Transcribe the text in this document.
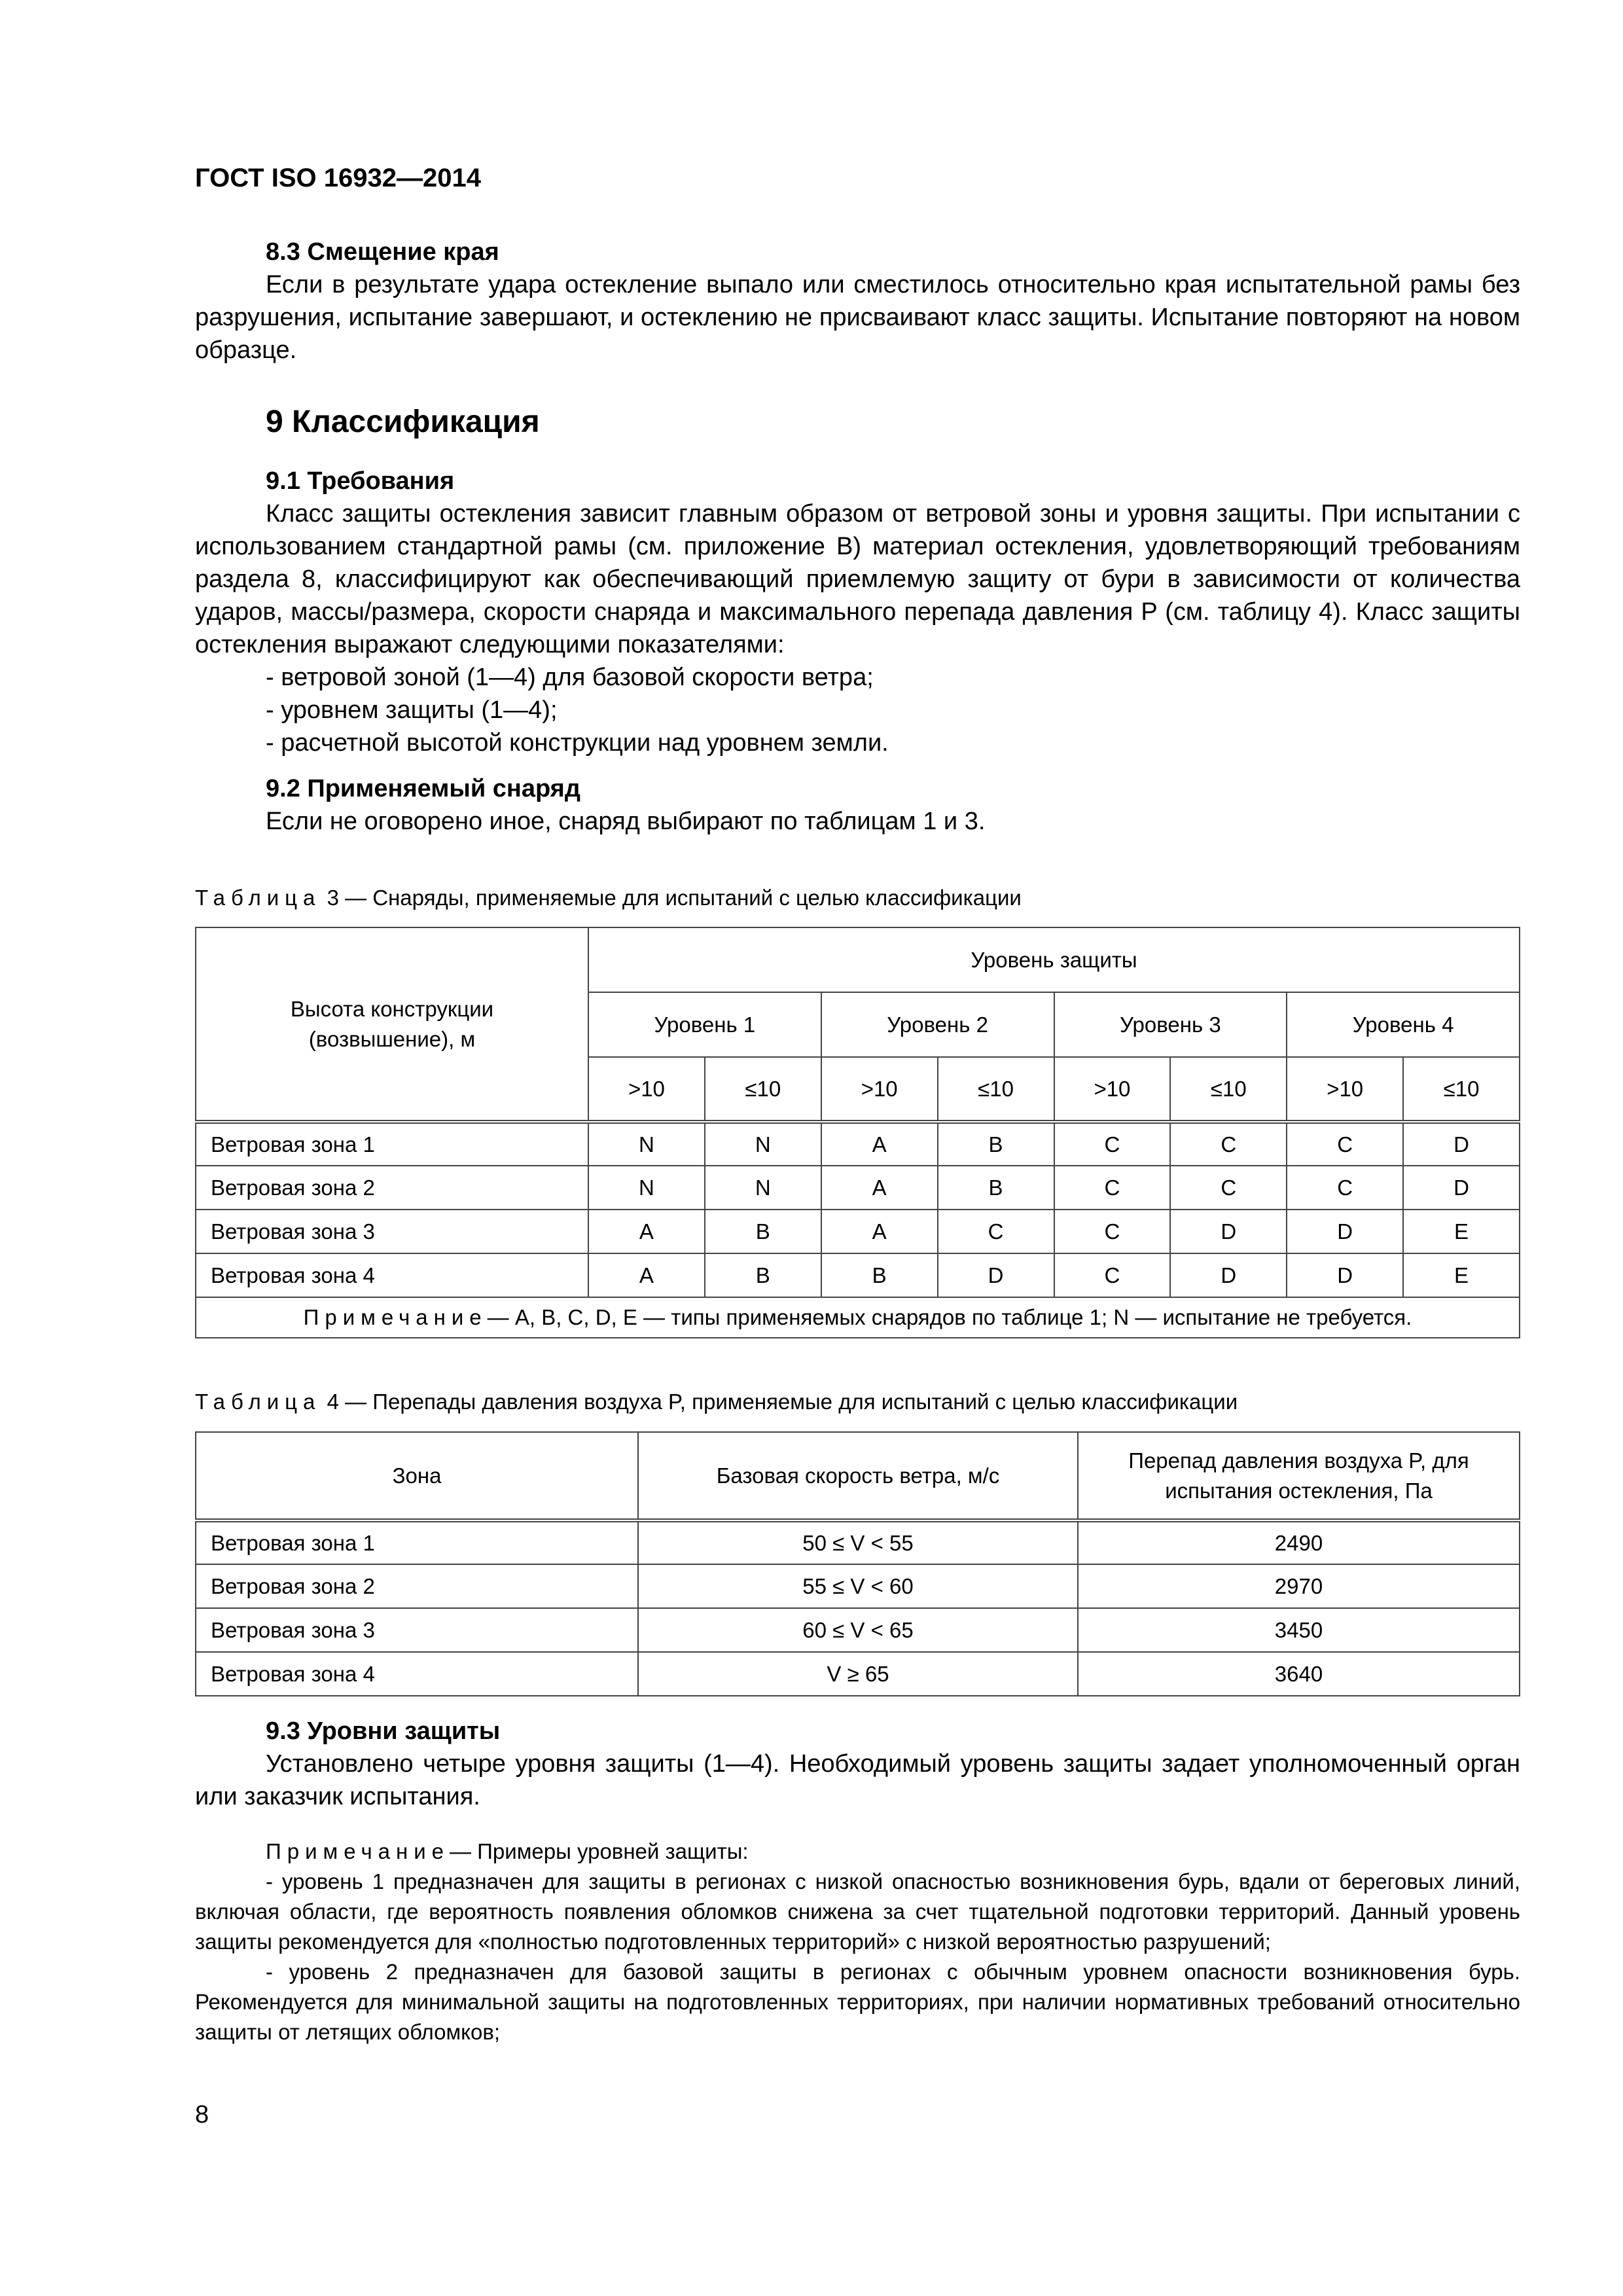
ГОСТ ISO 16932—2014
8.3 Смещение края

Если в результате удара остекление выпало или сместилось относительно края испытательной рамы без разрушения, испытание завершают, и остеклению не присваивают класс защиты. Испытание повторяют на новом образце.

9 Классификация
9.1 Требования

Класс защиты остекления зависит главным образом от ветровой зоны и уровня защиты. При испытании с использованием стандартной рамы (см. приложение В) материал остекления, удовлетворяющий требованиям раздела 8, классифицируют как обеспечивающий приемлемую защиту от бури в зависимости от количества ударов, массы/размера, скорости снаряда и максимального перепада давления P (см. таблицу 4). Класс защиты остекления выражают следующими показателями:

- ветровой зоной (1—4) для базовой скорости ветра;
- уровнем защиты (1—4);
- расчетной высотой конструкции над уровнем земли.
9.2 Применяемый снаряд

Если не оговорено иное, снаряд выбирают по таблицам 1 и 3.

Таблица 3 — Снаряды, применяемые для испытаний с целью классификации
Высота конструкции (возвышение), м	Уровень защиты							
	Уровень 1		Уровень 2		Уровень 3		Уровень 4	
	>10	≤10	>10	≤10	>10	≤10	>10	≤10
Ветровая зона 1	N	N	A	B	C	C	C	D
Ветровая зона 2	N	N	A	B	C	C	C	D
Ветровая зона 3	A	B	A	C	C	D	D	E
Ветровая зона 4	A	B	B	D	C	D	D	E
Примечание— A, B, C, D, E — типы применяемых снарядов по таблице 1; N — испытание не требуется.								
Таблица 4 — Перепады давления воздуха P, применяемые для испытаний с целью классификации
Зона	Базовая скорость ветра, м/с	Перепад давления воздуха P, для испытания остекления, Па

Ветровая зона 1	50 ≤ V < 55	2490
Ветровая зона 2	55 ≤ V < 60	2970
Ветровая зона 3	60 ≤ V < 65	3450
Ветровая зона 4	V ≥ 65	3640
9.3 Уровни защиты

Установлено четыре уровня защиты (1—4). Необходимый уровень защиты задает уполномоченный орган или заказчик испытания.

Примечание— Примеры уровней защиты:
- уровень 1 предназначен для защиты в регионах с низкой опасностью возникновения бурь, вдали от береговых линий, включая области, где вероятность появления обломков снижена за счет тщательной подготовки территорий. Данный уровень защиты рекомендуется для «полностью подготовленных территорий» с низкой вероятностью разрушений;
- уровень 2 предназначен для базовой защиты в регионах с обычным уровнем опасности возникновения бурь. Рекомендуется для минимальной защиты на подготовленных территориях, при наличии нормативных требований относительно защиты от летящих обломков;
8
